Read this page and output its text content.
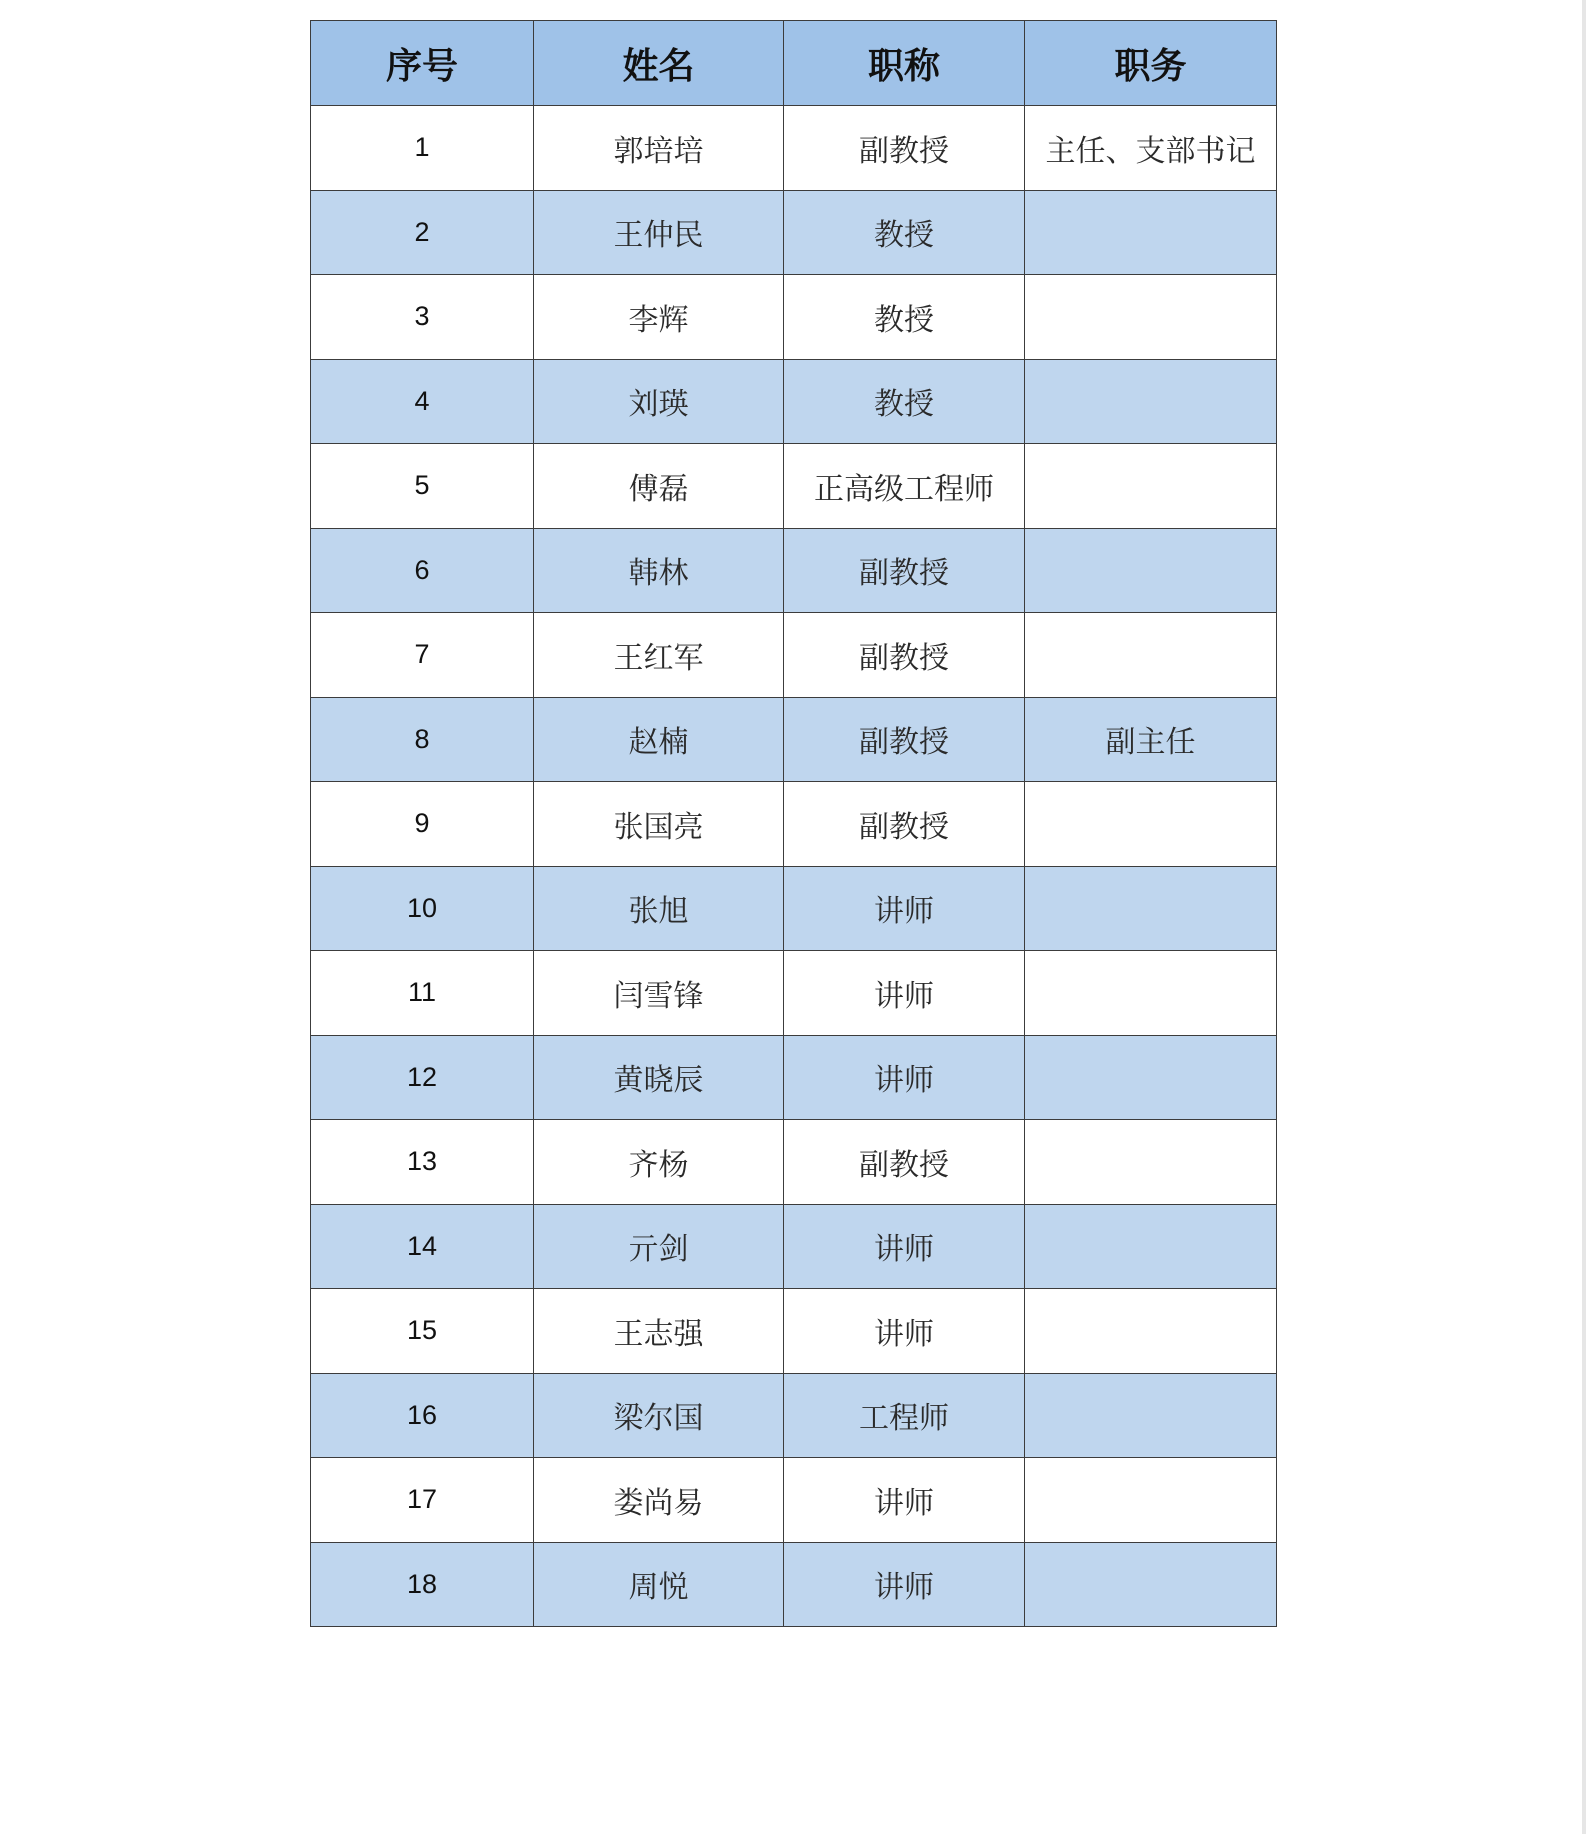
序号	姓名	职称	职务
1	郭培培	副教授	主任、支部书记
2	王仲民	教授	
3	李辉	教授	
4	刘瑛	教授	
5	傅磊	正高级工程师	
6	韩林	副教授	
7	王红军	副教授	
8	赵楠	副教授	副主任
9	张国亮	副教授	
10	张旭	讲师	
11	闫雪锋	讲师	
12	黄晓辰	讲师	
13	齐杨	副教授	
14	亓剑	讲师	
15	王志强	讲师	
16	梁尔国	工程师	
17	娄尚易	讲师	
18	周悦	讲师	
